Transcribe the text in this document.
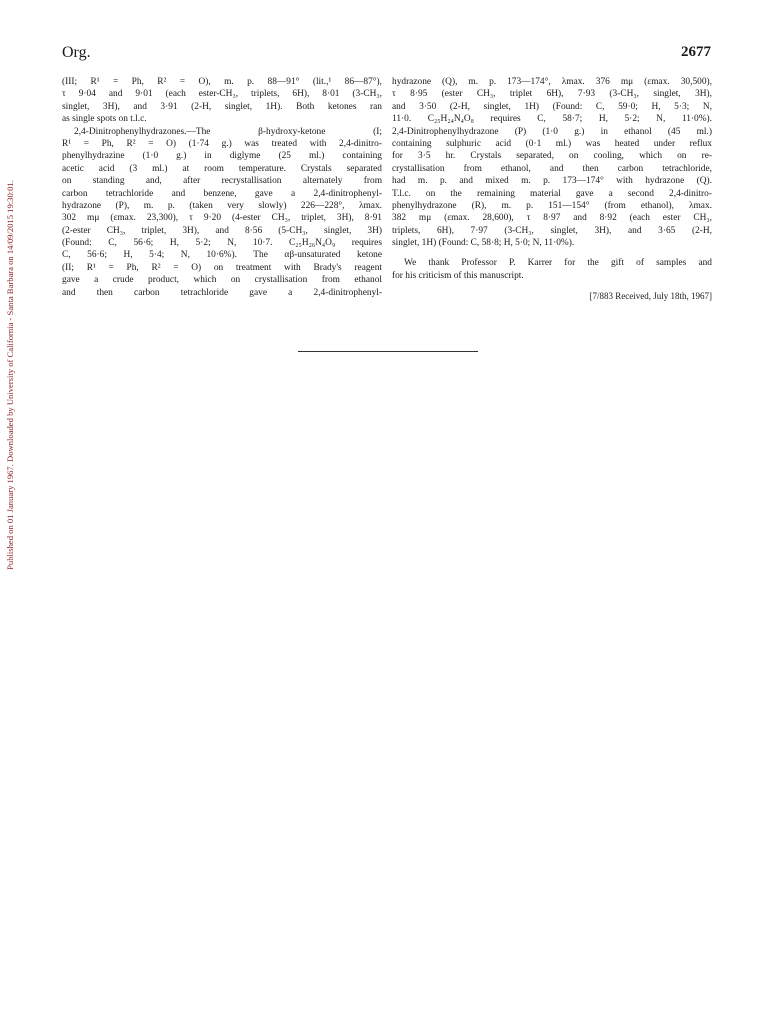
Published on 01 January 1967. Downloaded by University of California - Santa Barbara on 14/09/2015 19:30:01.
Org.	2677
(III; R¹ = Ph, R² = O), m. p. 88—91° (lit.,¹ 86—87°),
τ 9·04 and 9·01 (each ester-CH₃, triplets, 6H), 8·01 (3-CH₃,
singlet, 3H), and 3·91 (2-H, singlet, 1H). Both ketones ran
as single spots on t.l.c.
2,4-Dinitrophenylhydrazones.—The β-hydroxy-ketone (I;
R¹ = Ph, R² = O) (1·74 g.) was treated with 2,4-dinitro-
phenylhydrazine (1·0 g.) in diglyme (25 ml.) containing
acetic acid (3 ml.) at room temperature. Crystals separated
on standing and, after recrystallisation alternately from
carbon tetrachloride and benzene, gave a 2,4-dinitrophenyl-
hydrazone (P), m. p. (taken very slowly) 226—228°, λmax.
302 mμ (εmax. 23,300), τ 9·20 (4-ester CH₃, triplet, 3H), 8·91
(2-ester CH₃, triplet, 3H), and 8·56 (5-CH₃, singlet, 3H)
(Found: C, 56·6; H, 5·2; N, 10·7. C₂₅H₂₆N₄O₉ requires
C, 56·6; H, 5·4; N, 10·6%). The αβ-unsaturated ketone
(II; R¹ = Ph, R² = O) on treatment with Brady's reagent
gave a crude product, which on crystallisation from ethanol
and then carbon tetrachloride gave a 2,4-dinitrophenyl-
hydrazone (Q), m. p. 173—174°, λmax. 376 mμ (εmax. 30,500),
τ 8·95 (ester CH₃, triplet 6H), 7·93 (3-CH₃, singlet, 3H),
and 3·50 (2-H, singlet, 1H) (Found: C, 59·0; H, 5·3; N,
11·0. C₂₅H₂₄N₄O₈ requires C, 58·7; H, 5·2; N, 11·0%).
2,4-Dinitrophenylhydrazone (P) (1·0 g.) in ethanol (45 ml.)
containing sulphuric acid (0·1 ml.) was heated under reflux
for 3·5 hr. Crystals separated, on cooling, which on re-
crystallisation from ethanol, and then carbon tetrachloride,
had m. p. and mixed m. p. 173—174° with hydrazone (Q).
T.l.c. on the remaining material gave a second 2,4-dinitro-
phenylhydrazone (R), m. p. 151—154° (from ethanol), λmax.
382 mμ (εmax. 28,600), τ 8·97 and 8·92 (each ester CH₃,
triplets, 6H), 7·97 (3-CH₃, singlet, 3H), and 3·65 (2-H,
singlet, 1H) (Found: C, 58·8; H, 5·0; N, 11·0%).
We thank Professor P. Karrer for the gift of samples and
for his criticism of this manuscript.
[7/883 Received, July 18th, 1967]
